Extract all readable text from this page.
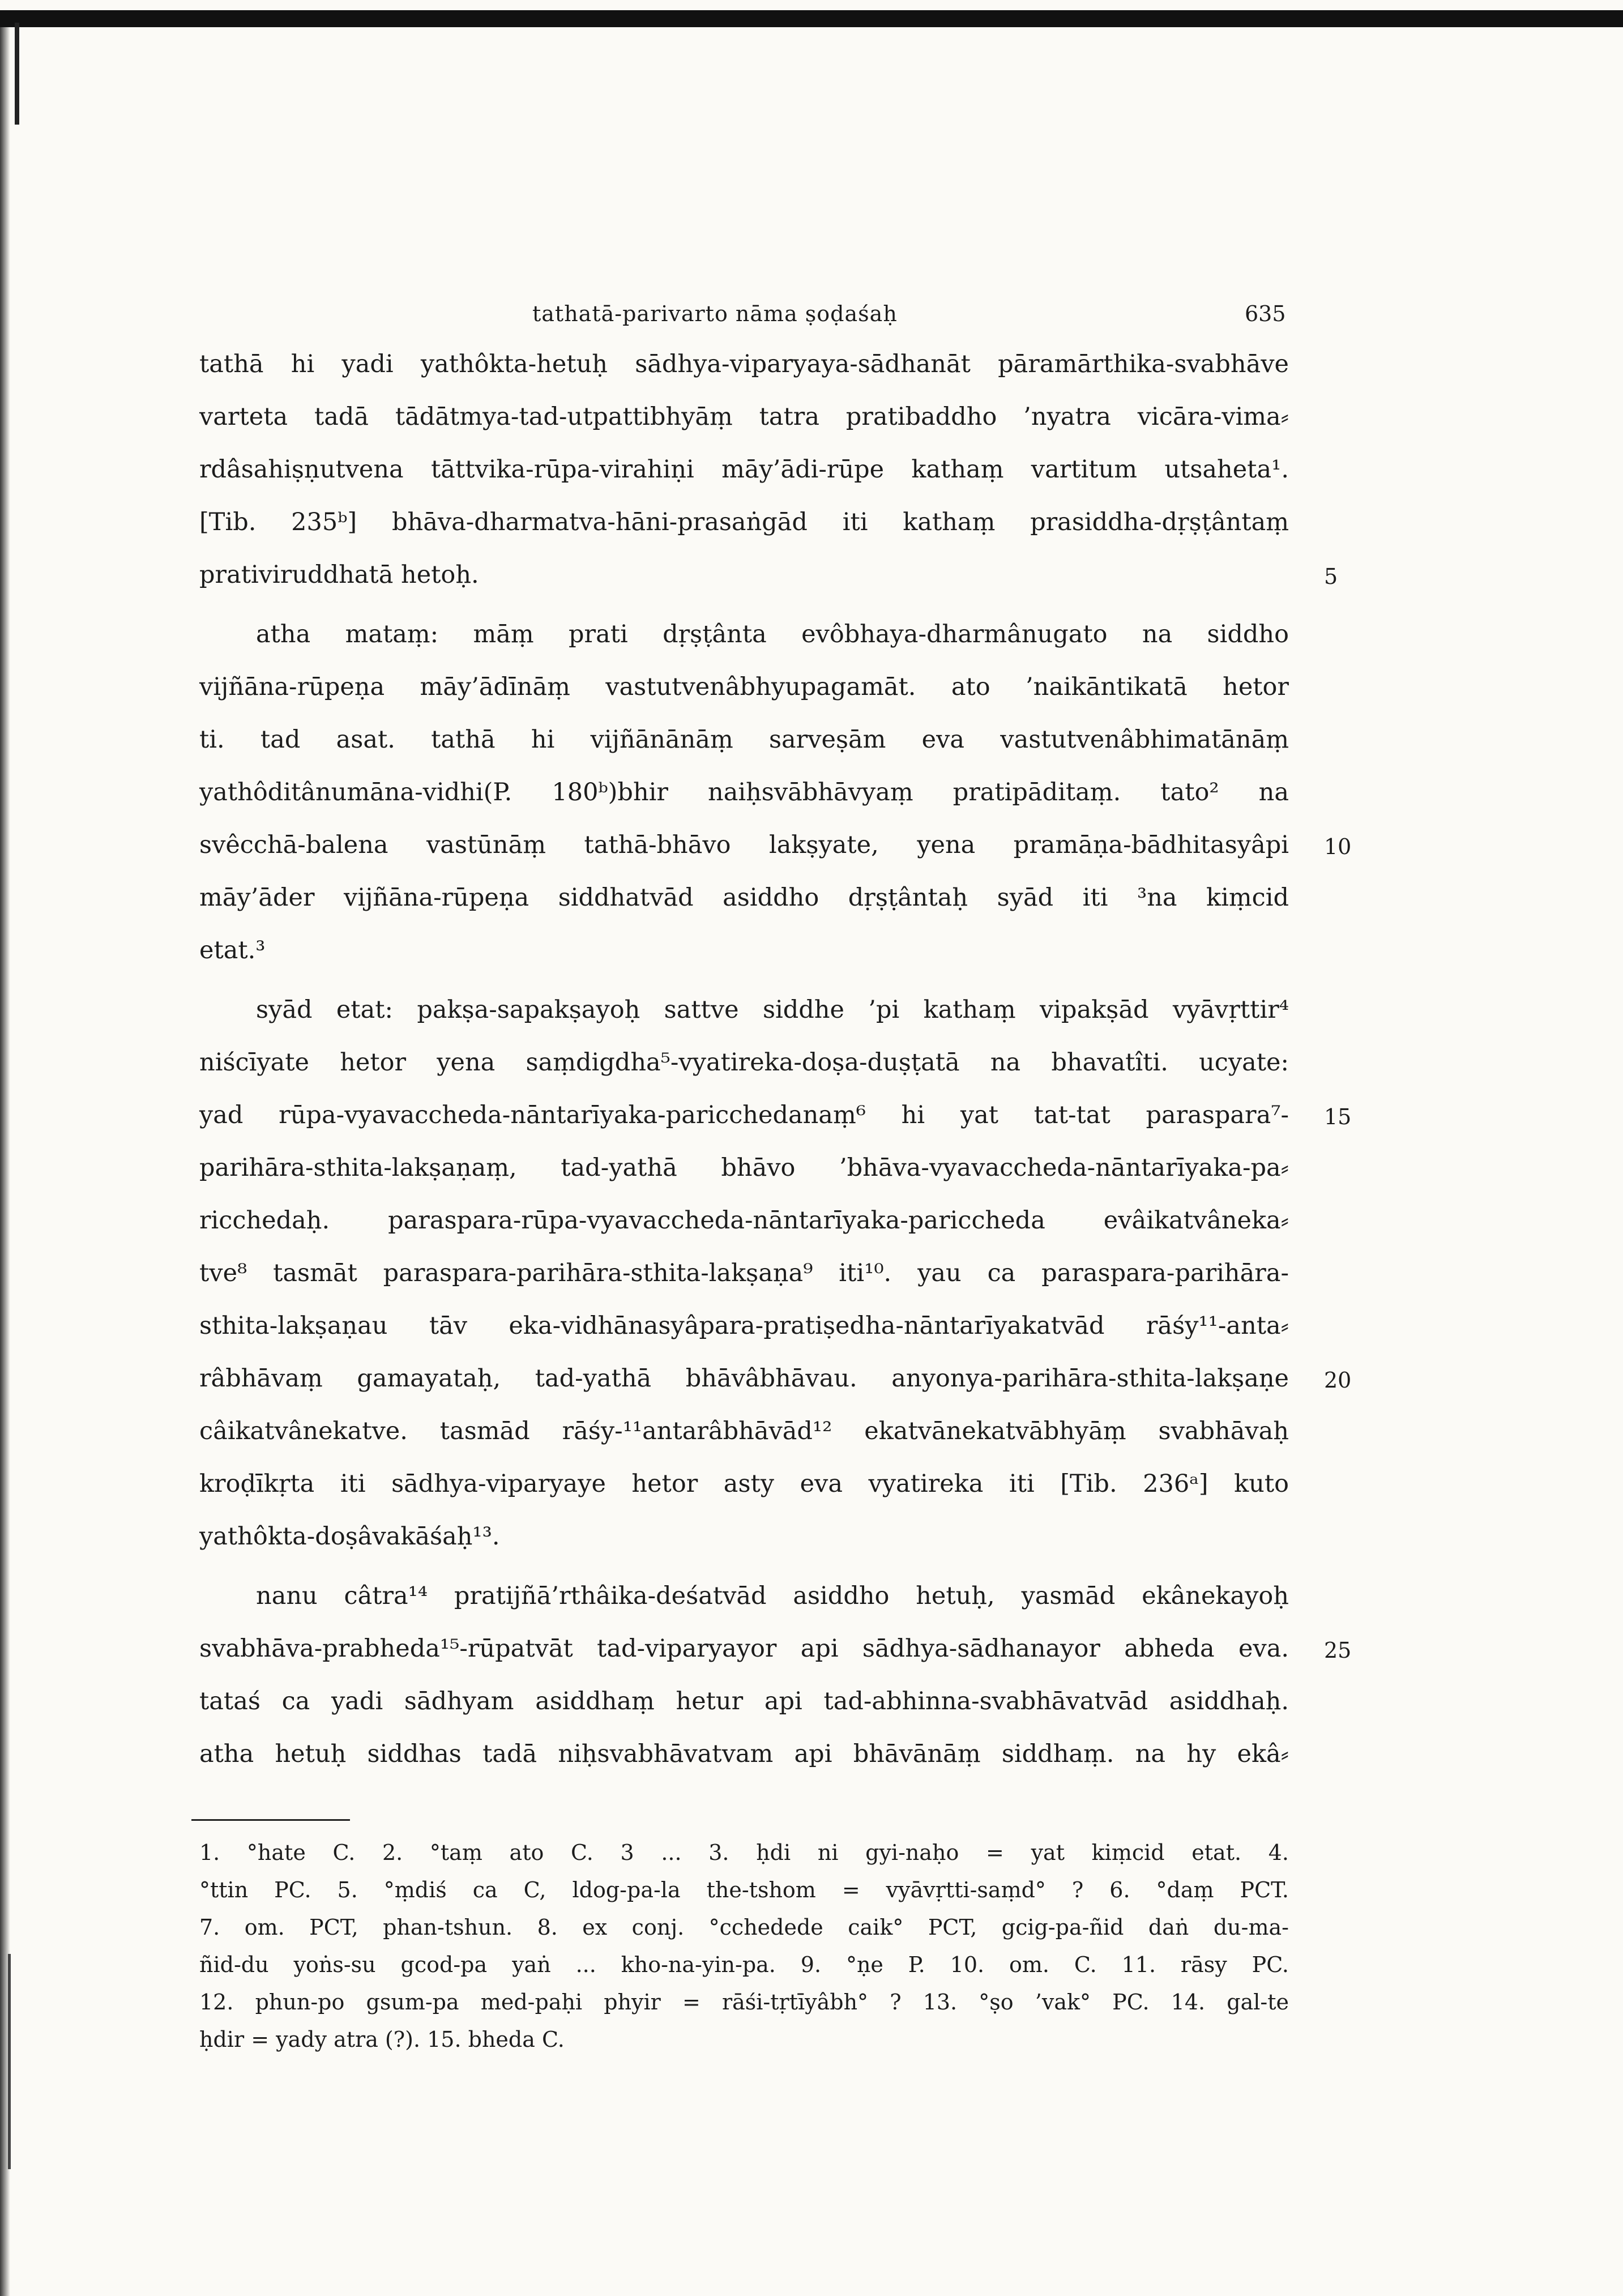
tathatā-parivarto nāma ṣoḍaśaḥ	635
tathā hi yadi yathôkta-hetuḥ sādhya-viparyaya-sādhanāt pāramārthika-svabhāve
varteta tadā tādātmya-tad-utpattibhyāṃ tatra pratibaddho ’nyatra vicāra-vima⸗
rdâsahiṣṇutvena tāttvika-rūpa-virahiṇi māy’ādi-rūpe kathaṃ vartitum utsaheta¹.
[Tib. 235ᵇ] bhāva-dharmatva-hāni-prasaṅgād iti kathaṃ prasiddha-dṛṣṭântaṃ
prativiruddhatā hetoḥ.
atha mataṃ: māṃ prati dṛṣṭânta evôbhaya-dharmânugato na siddho
vijñāna-rūpeṇa māy’ādīnāṃ vastutvenâbhyupagamāt. ato ’naikāntikatā hetor
ti. tad asat. tathā hi vijñānānāṃ sarveṣām eva vastutvenâbhimatānāṃ
yathôditânumāna-vidhi(P. 180ᵇ)bhir naiḥsvābhāvyaṃ pratipāditaṃ. tato² na
svêcchā-balena vastūnāṃ tathā-bhāvo lakṣyate, yena pramāṇa-bādhitasyâpi
māy’āder vijñāna-rūpeṇa siddhatvād asiddho dṛṣṭântaḥ syād iti ³na kiṃcid
etat.³
syād etat: pakṣa-sapakṣayoḥ sattve siddhe ’pi kathaṃ vipakṣād vyāvṛttir⁴
niścīyate hetor yena saṃdigdha⁵-vyatireka-doṣa-duṣṭatā na bhavatîti. ucyate:
yad rūpa-vyavaccheda-nāntarīyaka-paricchedanaṃ⁶ hi yat tat-tat paraspara⁷-
parihāra-sthita-lakṣaṇaṃ, tad-yathā bhāvo ’bhāva-vyavaccheda-nāntarīyaka-pa⸗
ricchedaḥ. paraspara-rūpa-vyavaccheda-nāntarīyaka-pariccheda evâikatvâneka⸗
tve⁸ tasmāt paraspara-parihāra-sthita-lakṣaṇa⁹ iti¹⁰. yau ca paraspara-parihāra-
sthita-lakṣaṇau tāv eka-vidhānasyâpara-pratiṣedha-nāntarīyakatvād rāśy¹¹-anta⸗
râbhāvaṃ gamayataḥ, tad-yathā bhāvâbhāvau. anyonya-parihāra-sthita-lakṣaṇe
câikatvânekatve. tasmād rāśy-¹¹antarâbhāvād¹² ekatvānekatvābhyāṃ svabhāvaḥ
kroḍīkṛta iti sādhya-viparyaye hetor asty eva vyatireka iti [Tib. 236ᵃ] kuto
yathôkta-doṣâvakāśaḥ¹³.
nanu câtra¹⁴ pratijñā’rthâika-deśatvād asiddho hetuḥ, yasmād ekânekayoḥ
svabhāva-prabheda¹⁵-rūpatvāt tad-viparyayor api sādhya-sādhanayor abheda eva.
tataś ca yadi sādhyam asiddhaṃ hetur api tad-abhinna-svabhāvatvād asiddhaḥ.
atha hetuḥ siddhas tadā niḥsvabhāvatvam api bhāvānāṃ siddhaṃ. na hy ekâ⸗
5
10
15
20
25
1. °hate C. 2. °taṃ ato C. 3 ... 3. ḥdi ni gyi-naḥo = yat kiṃcid etat. 4.
°ttin PC. 5. °ṃdiś ca C, ldog-pa-la the-tshom = vyāvṛtti-saṃd° ? 6. °daṃ PCT.
7. om. PCT, phan-tshun. 8. ex conj. °cchedede caik° PCT, gcig-pa-ñid daṅ du-ma-
ñid-du yoṅs-su gcod-pa yaṅ ... kho-na-yin-pa. 9. °ṇe P. 10. om. C. 11. rāsy PC.
12. phun-po gsum-pa med-paḥi phyir = rāśi-tṛtīyâbh° ? 13. °ṣo ’vak° PC. 14. gal-te
ḥdir = yady atra (?). 15. bheda C.
